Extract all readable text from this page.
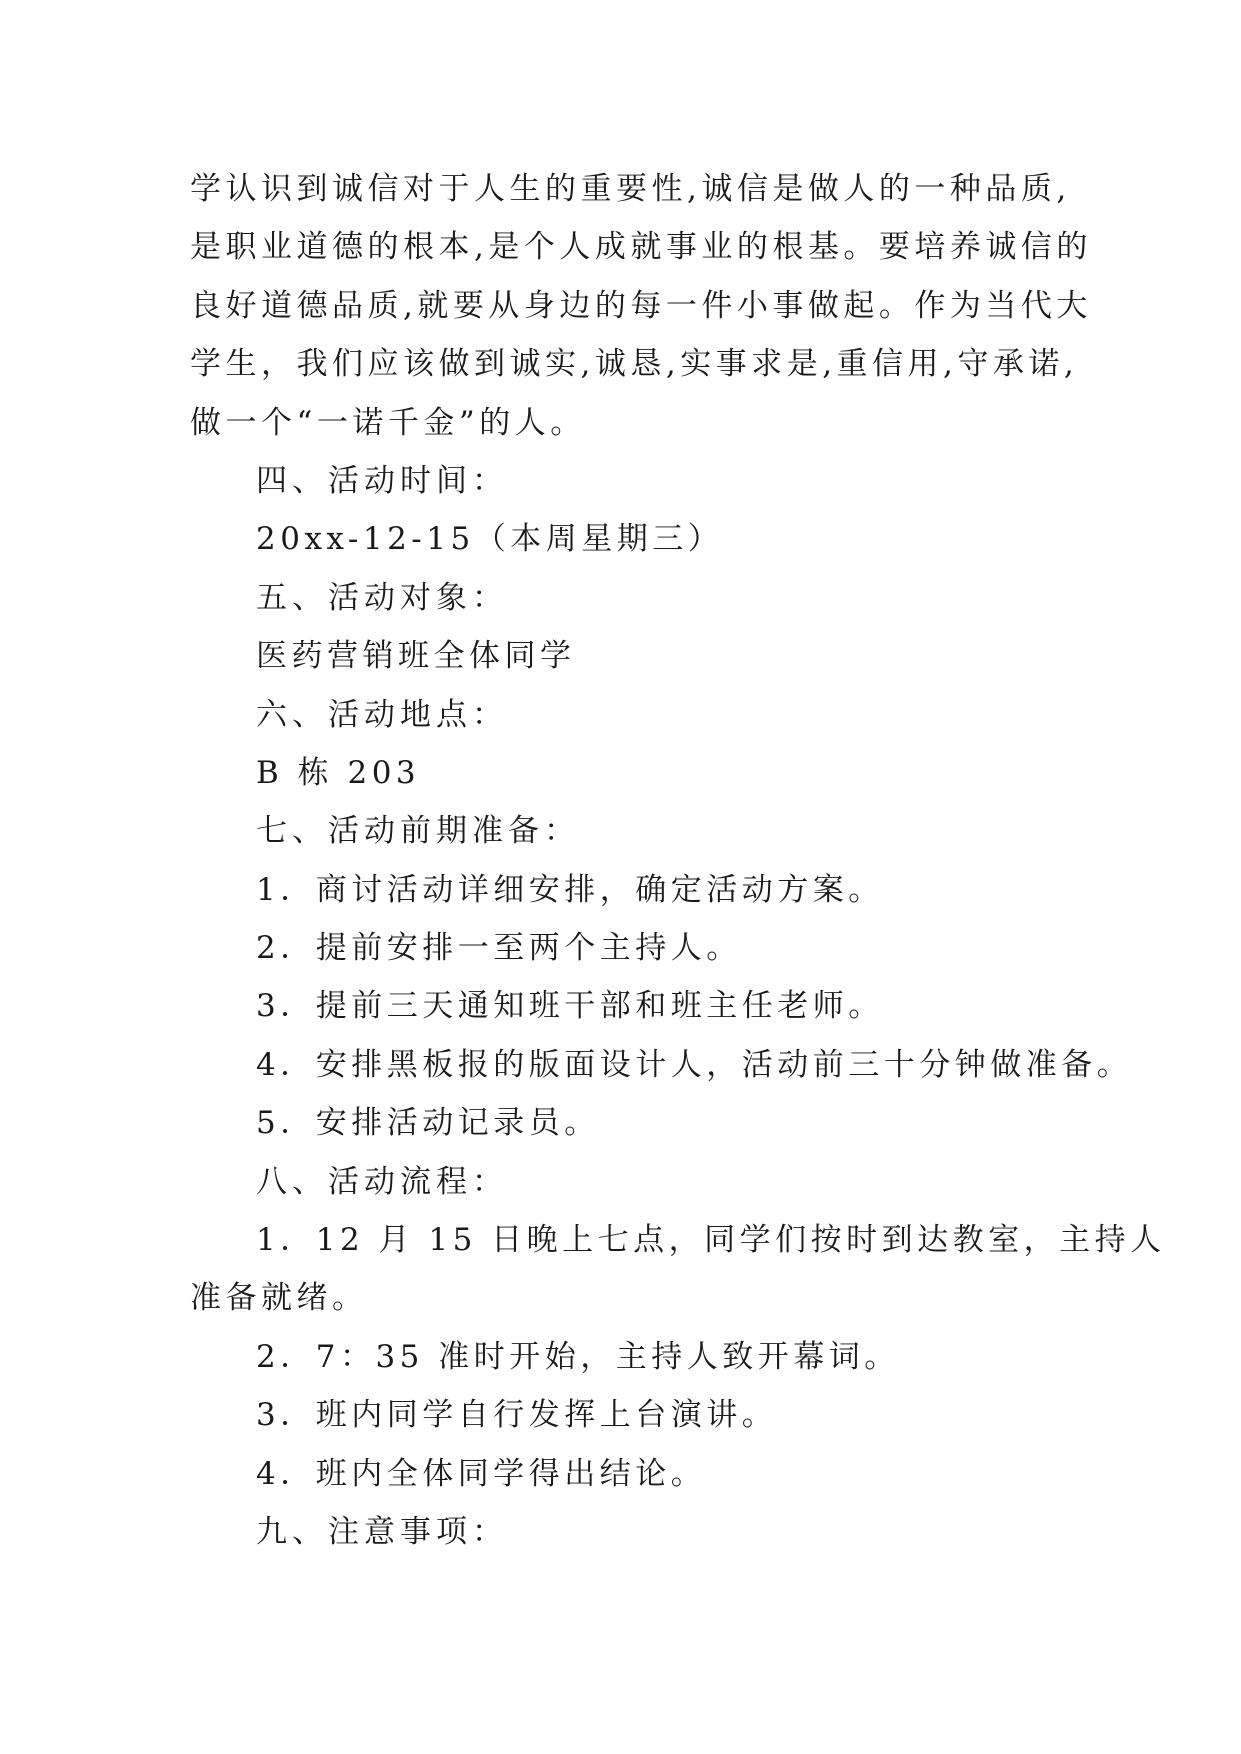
学认识到诚信对于人生的重要性,诚信是做人的一种品质,
是职业道德的根本,是个人成就事业的根基。要培养诚信的
良好道德品质,就要从身边的每一件小事做起。作为当代大
学生，我们应该做到诚实,诚恳,实事求是,重信用,守承诺,
做一个“一诺千金”的人。
四、活动时间：
20xx-12-15（本周星期三）
五、活动对象：
医药营销班全体同学
六、活动地点：
B 栋 203
七、活动前期准备：
1．商讨活动详细安排，确定活动方案。
2．提前安排一至两个主持人。
3．提前三天通知班干部和班主任老师。
4．安排黑板报的版面设计人，活动前三十分钟做准备。
5．安排活动记录员。
八、活动流程：
1．12 月 15 日晚上七点，同学们按时到达教室，主持人
准备就绪。
2．7：35 准时开始，主持人致开幕词。
3．班内同学自行发挥上台演讲。
4．班内全体同学得出结论。
九、注意事项：
